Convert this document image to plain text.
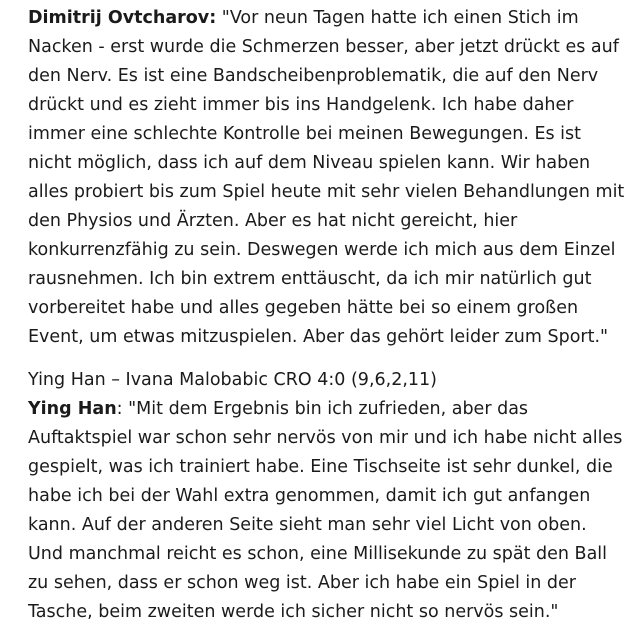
Dimitrij Ovtcharov: "Vor neun Tagen hatte ich einen Stich im Nacken - erst wurde die Schmerzen besser, aber jetzt drückt es auf den Nerv. Es ist eine Bandscheibenproblematik, die auf den Nerv drückt und es zieht immer bis ins Handgelenk. Ich habe daher immer eine schlechte Kontrolle bei meinen Bewegungen. Es ist nicht möglich, dass ich auf dem Niveau spielen kann. Wir haben alles probiert bis zum Spiel heute mit sehr vielen Behandlungen mit den Physios und Ärzten. Aber es hat nicht gereicht, hier konkurrenzfähig zu sein. Deswegen werde ich mich aus dem Einzel rausnehmen. Ich bin extrem enttäuscht, da ich mir natürlich gut vorbereitet habe und alles gegeben hätte bei so einem großen Event, um etwas mitzuspielen. Aber das gehört leider zum Sport."

Ying Han – Ivana Malobabic CRO 4:0 (9,6,2,11)
Ying Han: "Mit dem Ergebnis bin ich zufrieden, aber das Auftaktspiel war schon sehr nervös von mir und ich habe nicht alles gespielt, was ich trainiert habe. Eine Tischseite ist sehr dunkel, die habe ich bei der Wahl extra genommen, damit ich gut anfangen kann. Auf der anderen Seite sieht man sehr viel Licht von oben. Und manchmal reicht es schon, eine Millisekunde zu spät den Ball zu sehen, dass er schon weg ist. Aber ich habe ein Spiel in der Tasche, beim zweiten werde ich sicher nicht so nervös sein."
